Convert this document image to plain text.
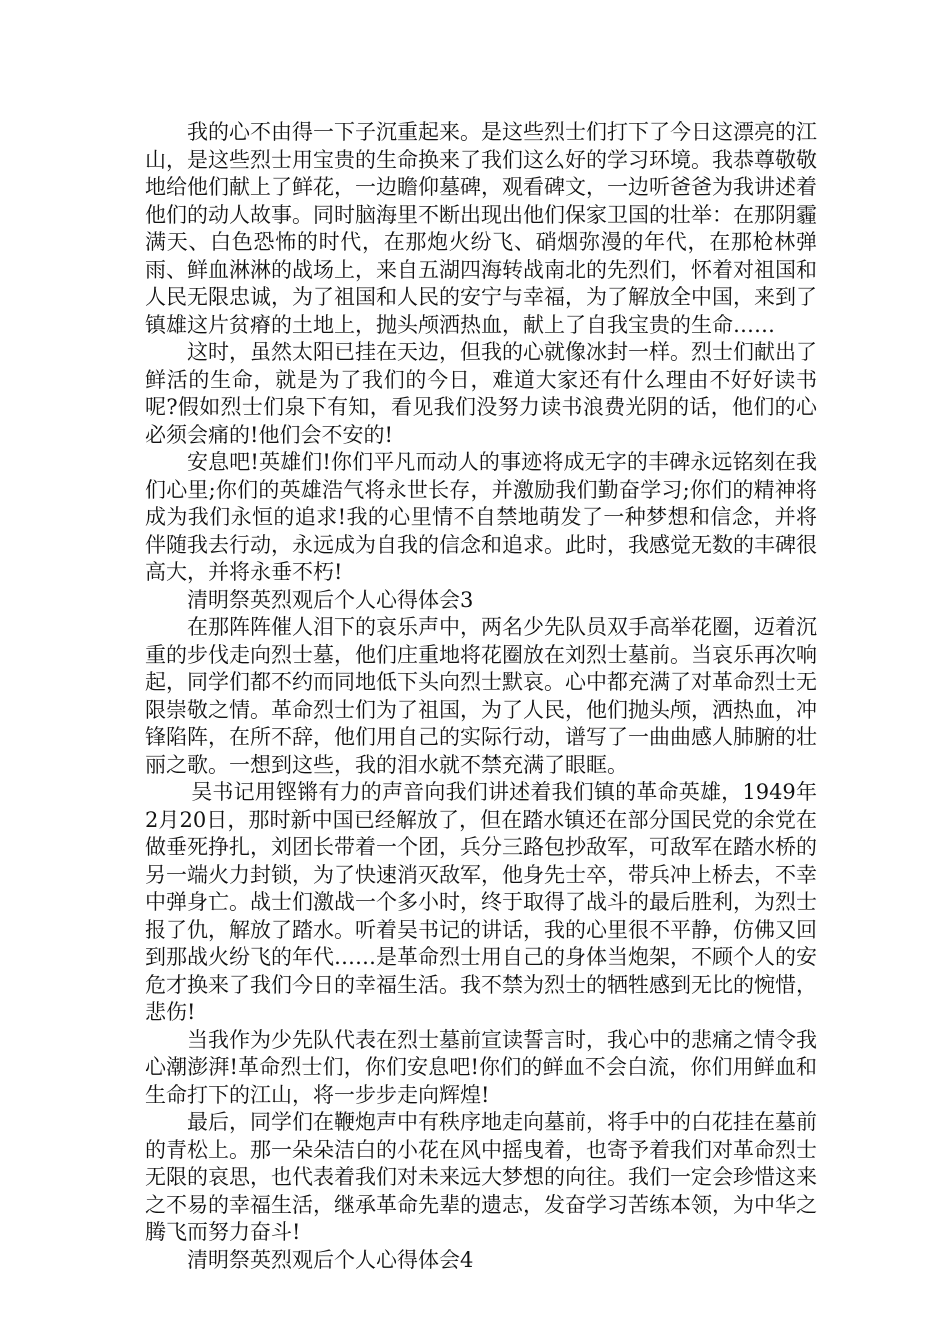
我的心不由得一下子沉重起来。是这些烈士们打下了今日这漂亮的江山，是这些烈士用宝贵的生命换来了我们这么好的学习环境。我恭尊敬敬地给他们献上了鲜花，一边瞻仰墓碑，观看碑文，一边听爸爸为我讲述着他们的动人故事。同时脑海里不断出现出他们保家卫国的壮举：在那阴霾满天、白色恐怖的时代，在那炮火纷飞、硝烟弥漫的年代，在那枪林弹雨、鲜血淋淋的战场上，来自五湖四海转战南北的先烈们，怀着对祖国和人民无限忠诚，为了祖国和人民的安宁与幸福，为了解放全中国，来到了镇雄这片贫瘠的土地上，抛头颅洒热血，献上了自我宝贵的生命……

这时，虽然太阳已挂在天边，但我的心就像冰封一样。烈士们献出了鲜活的生命，就是为了我们的今日，难道大家还有什么理由不好好读书呢?假如烈士们泉下有知，看见我们没努力读书浪费光阴的话，他们的心必须会痛的!他们会不安的!

安息吧!英雄们!你们平凡而动人的事迹将成无字的丰碑永远铭刻在我们心里;你们的英雄浩气将永世长存，并激励我们勤奋学习;你们的精神将成为我们永恒的追求!我的心里情不自禁地萌发了一种梦想和信念，并将伴随我去行动，永远成为自我的信念和追求。此时，我感觉无数的丰碑很高大，并将永垂不朽!

清明祭英烈观后个人心得体会3

在那阵阵催人泪下的哀乐声中，两名少先队员双手高举花圈，迈着沉重的步伐走向烈士墓，他们庄重地将花圈放在刘烈士墓前。当哀乐再次响起，同学们都不约而同地低下头向烈士默哀。心中都充满了对革命烈士无限崇敬之情。革命烈士们为了祖国，为了人民，他们抛头颅，洒热血，冲锋陷阵，在所不辞，他们用自己的实际行动，谱写了一曲曲感人肺腑的壮丽之歌。一想到这些，我的泪水就不禁充满了眼眶。

吴书记用铿锵有力的声音向我们讲述着我们镇的革命英雄，1949年2月20日，那时新中国已经解放了，但在踏水镇还在部分国民党的余党在做垂死挣扎，刘团长带着一个团，兵分三路包抄敌军，可敌军在踏水桥的另一端火力封锁，为了快速消灭敌军，他身先士卒，带兵冲上桥去，不幸中弹身亡。战士们激战一个多小时，终于取得了战斗的最后胜利，为烈士报了仇，解放了踏水。听着吴书记的讲话，我的心里很不平静，仿佛又回到那战火纷飞的年代……是革命烈士用自己的身体当炮架，不顾个人的安危才换来了我们今日的幸福生活。我不禁为烈士的牺牲感到无比的惋惜，悲伤!

当我作为少先队代表在烈士墓前宣读誓言时，我心中的悲痛之情令我心潮澎湃!革命烈士们，你们安息吧!你们的鲜血不会白流，你们用鲜血和生命打下的江山，将一步步走向辉煌!

最后，同学们在鞭炮声中有秩序地走向墓前，将手中的白花挂在墓前的青松上。那一朵朵洁白的小花在风中摇曳着，也寄予着我们对革命烈士无限的哀思，也代表着我们对未来远大梦想的向往。我们一定会珍惜这来之不易的幸福生活，继承革命先辈的遗志，发奋学习苦练本领，为中华之腾飞而努力奋斗!

清明祭英烈观后个人心得体会4
